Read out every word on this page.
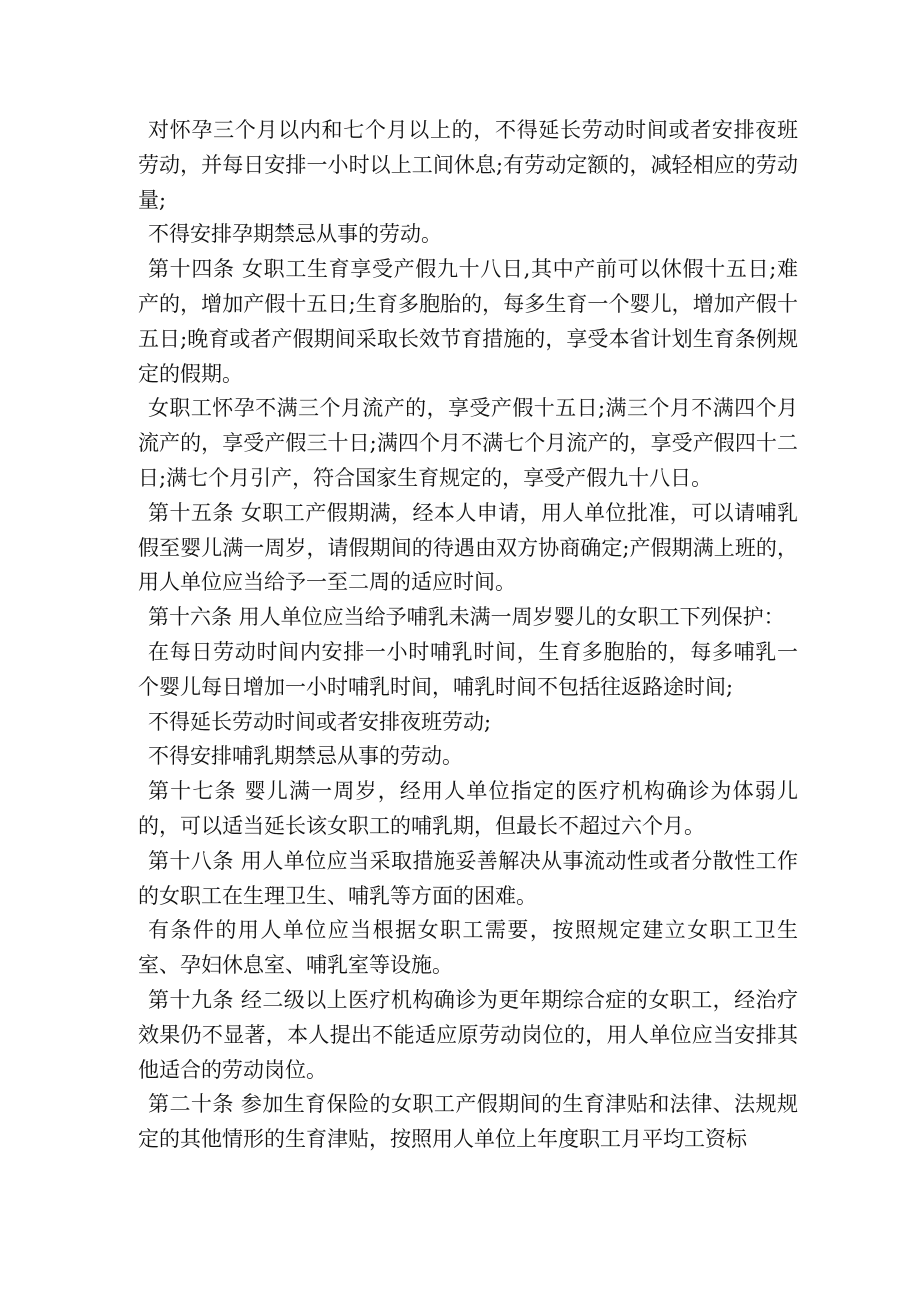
对怀孕三个月以内和七个月以上的，不得延长劳动时间或者安排夜班劳动，并每日安排一小时以上工间休息;有劳动定额的，减轻相应的劳动量;

不得安排孕期禁忌从事的劳动。

第十四条 女职工生育享受产假九十八日,其中产前可以休假十五日;难产的，增加产假十五日;生育多胞胎的，每多生育一个婴儿，增加产假十五日;晚育或者产假期间采取长效节育措施的，享受本省计划生育条例规定的假期。

女职工怀孕不满三个月流产的，享受产假十五日;满三个月不满四个月流产的，享受产假三十日;满四个月不满七个月流产的，享受产假四十二日;满七个月引产，符合国家生育规定的，享受产假九十八日。

第十五条 女职工产假期满，经本人申请，用人单位批准，可以请哺乳假至婴儿满一周岁，请假期间的待遇由双方协商确定;产假期满上班的，用人单位应当给予一至二周的适应时间。

第十六条 用人单位应当给予哺乳未满一周岁婴儿的女职工下列保护：

在每日劳动时间内安排一小时哺乳时间，生育多胞胎的，每多哺乳一个婴儿每日增加一小时哺乳时间，哺乳时间不包括往返路途时间;

不得延长劳动时间或者安排夜班劳动;

不得安排哺乳期禁忌从事的劳动。

第十七条 婴儿满一周岁，经用人单位指定的医疗机构确诊为体弱儿的，可以适当延长该女职工的哺乳期，但最长不超过六个月。

第十八条 用人单位应当采取措施妥善解决从事流动性或者分散性工作的女职工在生理卫生、哺乳等方面的困难。

有条件的用人单位应当根据女职工需要，按照规定建立女职工卫生室、孕妇休息室、哺乳室等设施。

第十九条 经二级以上医疗机构确诊为更年期综合症的女职工，经治疗效果仍不显著，本人提出不能适应原劳动岗位的，用人单位应当安排其他适合的劳动岗位。

第二十条 参加生育保险的女职工产假期间的生育津贴和法律、法规规定的其他情形的生育津贴，按照用人单位上年度职工月平均工资标
